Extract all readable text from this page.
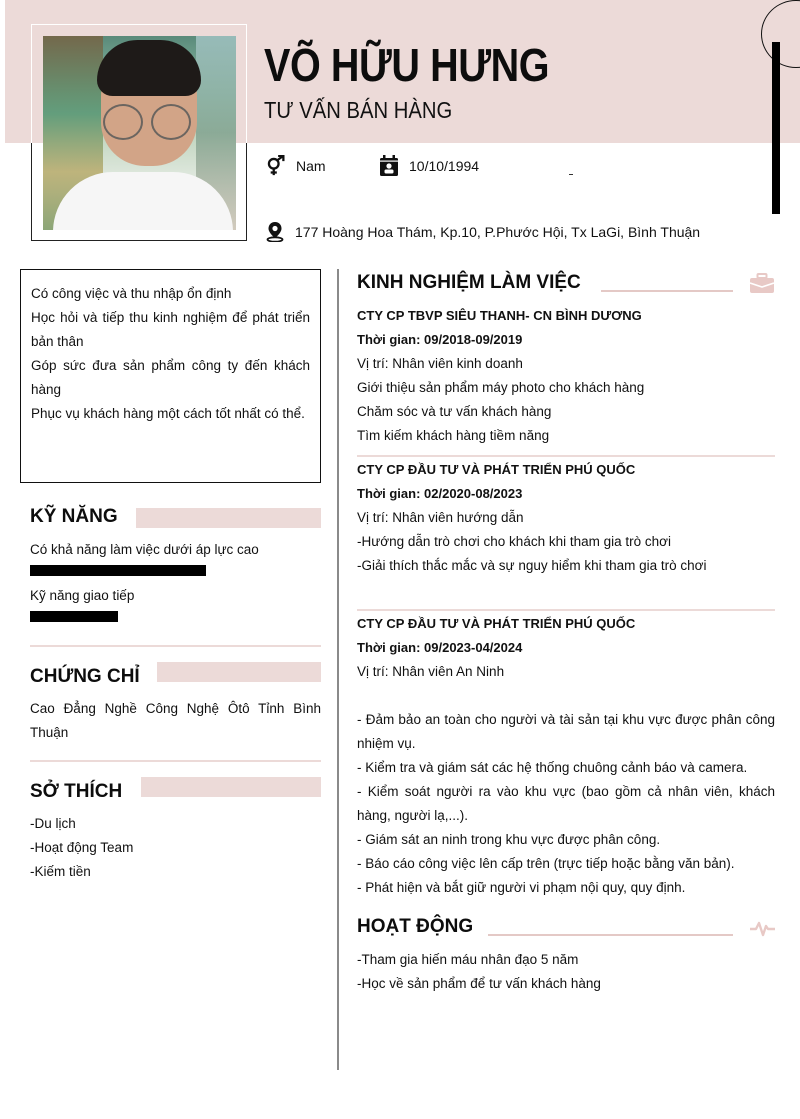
VÕ HỮU HƯNG
TƯ VẤN BÁN HÀNG
Nam	10/10/1994
177 Hoàng Hoa Thám, Kp.10, P.Phước Hội, Tx LaGi, Bình Thuận

Có công việc và thu nhập ổn định

Học hỏi và tiếp thu kinh nghiệm để phát triển bản thân

Góp sức đưa sản phẩm công ty đến khách hàng

Phục vụ khách hàng một cách tốt nhất có thể.

KỸ NĂNG
Có khả năng làm việc dưới áp lực cao
Kỹ năng giao tiếp
CHỨNG CHỈ
Cao Đẳng Nghề Công Nghệ Ôtô Tỉnh Bình Thuận
SỞ THÍCH
-Du lịch
-Hoạt động Team
-Kiếm tiền
KINH NGHIỆM LÀM VIỆC
CTY CP TBVP SIÊU THANH- CN BÌNH DƯƠNG
Thời gian: 09/2018-09/2019
Vị trí: Nhân viên kinh doanh
Giới thiệu sản phẩm máy photo cho khách hàng
Chăm sóc và tư vấn khách hàng
Tìm kiếm khách hàng tiềm năng
CTY CP ĐẦU TƯ VÀ PHÁT TRIỂN PHÚ QUỐC
Thời gian: 02/2020-08/2023
Vị trí: Nhân viên hướng dẫn
-Hướng dẫn trò chơi cho khách khi tham gia trò chơi
-Giải thích thắc mắc và sự nguy hiểm khi tham gia trò chơi
CTY CP ĐẦU TƯ VÀ PHÁT TRIỂN PHÚ QUỐC
Thời gian: 09/2023-04/2024
Vị trí: Nhân viên An Ninh
- Đảm bảo an toàn cho người và tài sản tại khu vực được phân công nhiệm vụ.
- Kiểm tra và giám sát các hệ thống chuông cảnh báo và camera.
- Kiểm soát người ra vào khu vực (bao gồm cả nhân viên, khách hàng, người lạ,...).
- Giám sát an ninh trong khu vực được phân công.
- Báo cáo công việc lên cấp trên (trực tiếp hoặc bằng văn bản).
- Phát hiện và bắt giữ người vi phạm nội quy, quy định.
HOẠT ĐỘNG
-Tham gia hiến máu nhân đạo 5 năm
-Học về sản phẩm để tư vấn khách hàng
